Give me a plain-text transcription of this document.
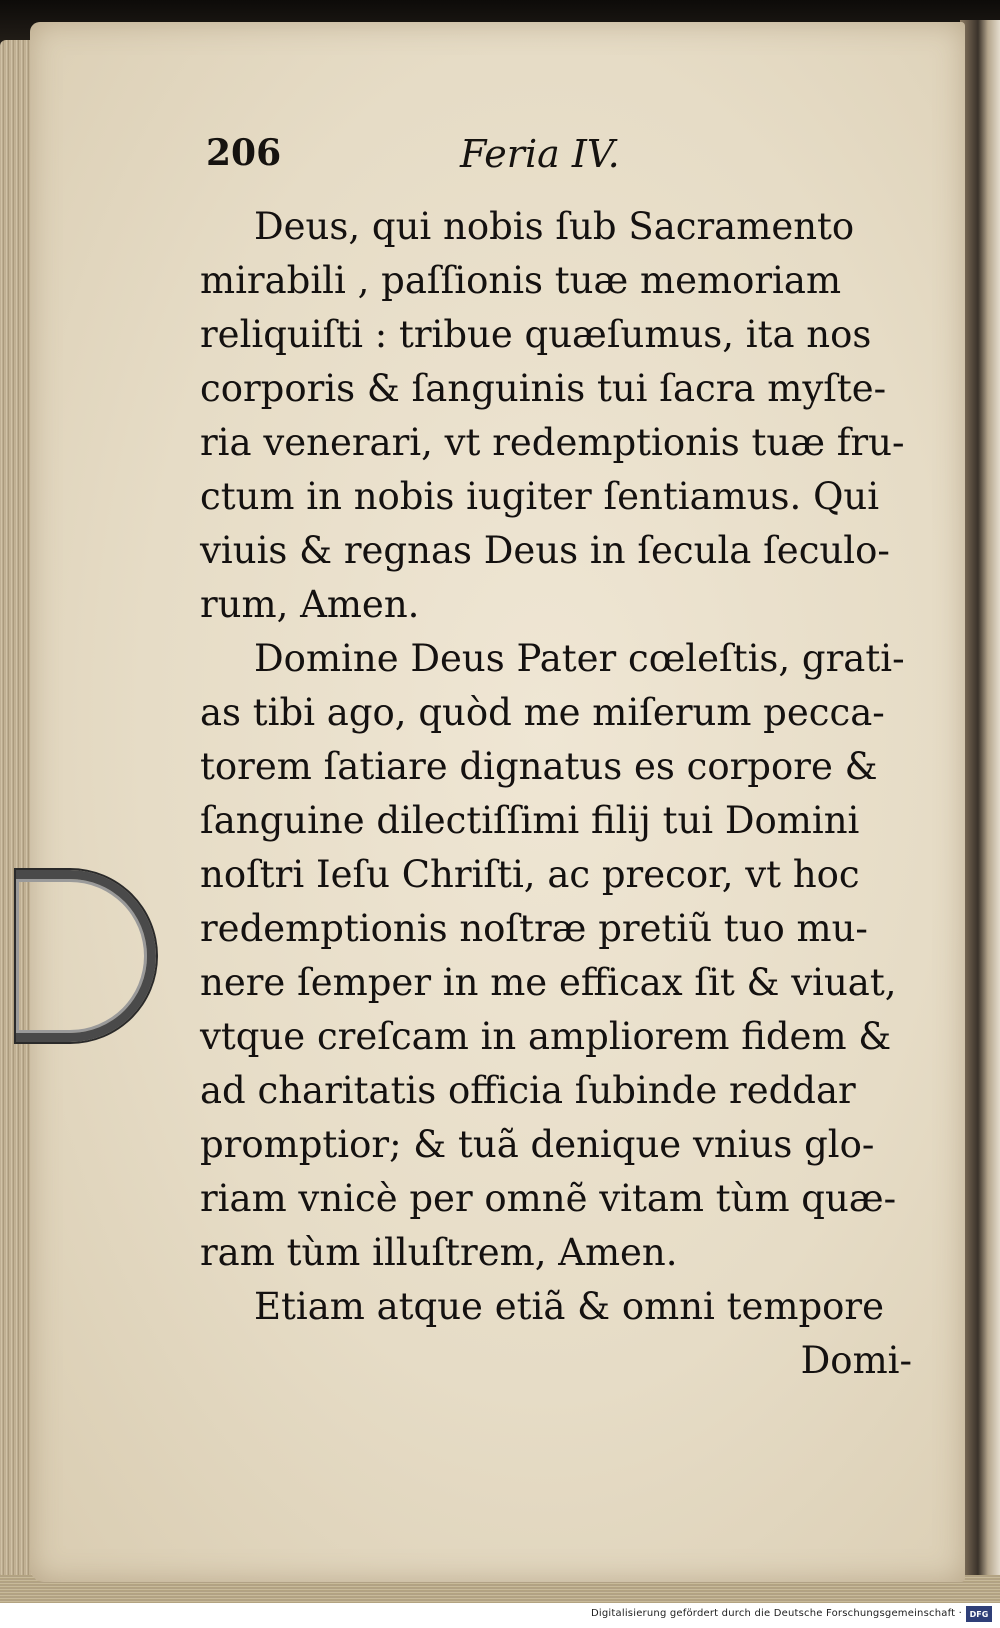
206	Feria IV.
Deus, qui nobis ſub Sacramento
mirabili , paſſionis tuæ memoriam
reliquiſti : tribue quæſumus, ita nos
corporis & ſanguinis tui ſacra myſte-
ria venerari, vt redemptionis tuæ fru-
ctum in nobis iugiter ſentiamus. Qui
viuis & regnas Deus in ſecula ſeculo-
rum, Amen.
Domine Deus Pater cœleſtis, grati-
as tibi ago, quòd me miſerum pecca-
torem ſatiare dignatus es corpore &
ſanguine dilectiſſimi filij tui Domini
noſtri Ieſu Chriſti, ac precor, vt hoc
redemptionis noſtræ pretiũ tuo mu-
nere ſemper in me efficax ſit & viuat,
vtque creſcam in ampliorem fidem &
ad charitatis officia ſubinde reddar
promptior; & tuã denique vnius glo-
riam vnicè per omnẽ vitam tùm quæ-
ram tùm illuſtrem, Amen.
Etiam atque etiã & omni tempore
Domi-
Digitalisierung gefördert durch die Deutsche Forschungsgemeinschaft · DFG
